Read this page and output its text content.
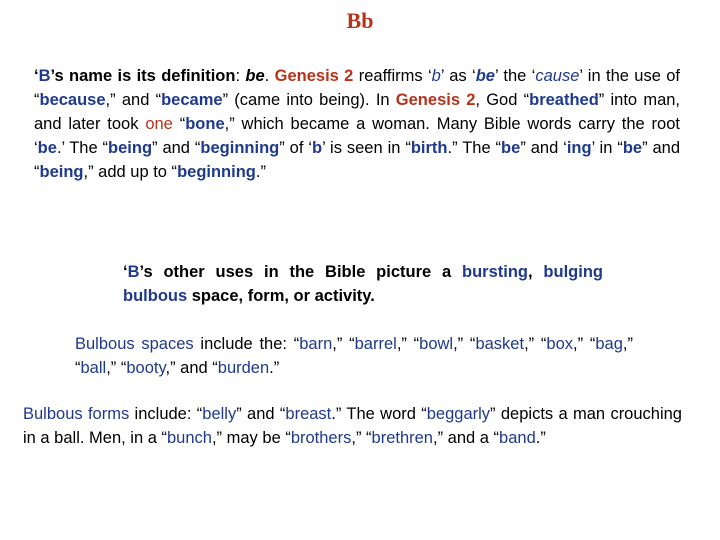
Bb
‘B’s name is its definition: be. Genesis 2 reaffirms ‘b’ as ‘be’ the ‘cause’ in the use of “because,” and “became” (came into being). In Genesis 2, God “breathed” into man, and later took one “bone,” which became a woman. Many Bible words carry the root ‘be.’ The “being” and “beginning” of ‘b’ is seen in “birth.” The “be” and ‘ing’ in “be” and “being,” add up to “beginning.”
‘B’s other uses in the Bible picture a bursting, bulging bulbous space, form, or activity.
Bulbous spaces include the: “barn,” “barrel,” “bowl,” “basket,” “box,” “bag,” “ball,” “booty,” and “burden.”
Bulbous forms include: “belly” and “breast.” The word “beggarly” depicts a man crouching in a ball. Men, in a “bunch,” may be “brothers,” “brethren,” and a “band.”
